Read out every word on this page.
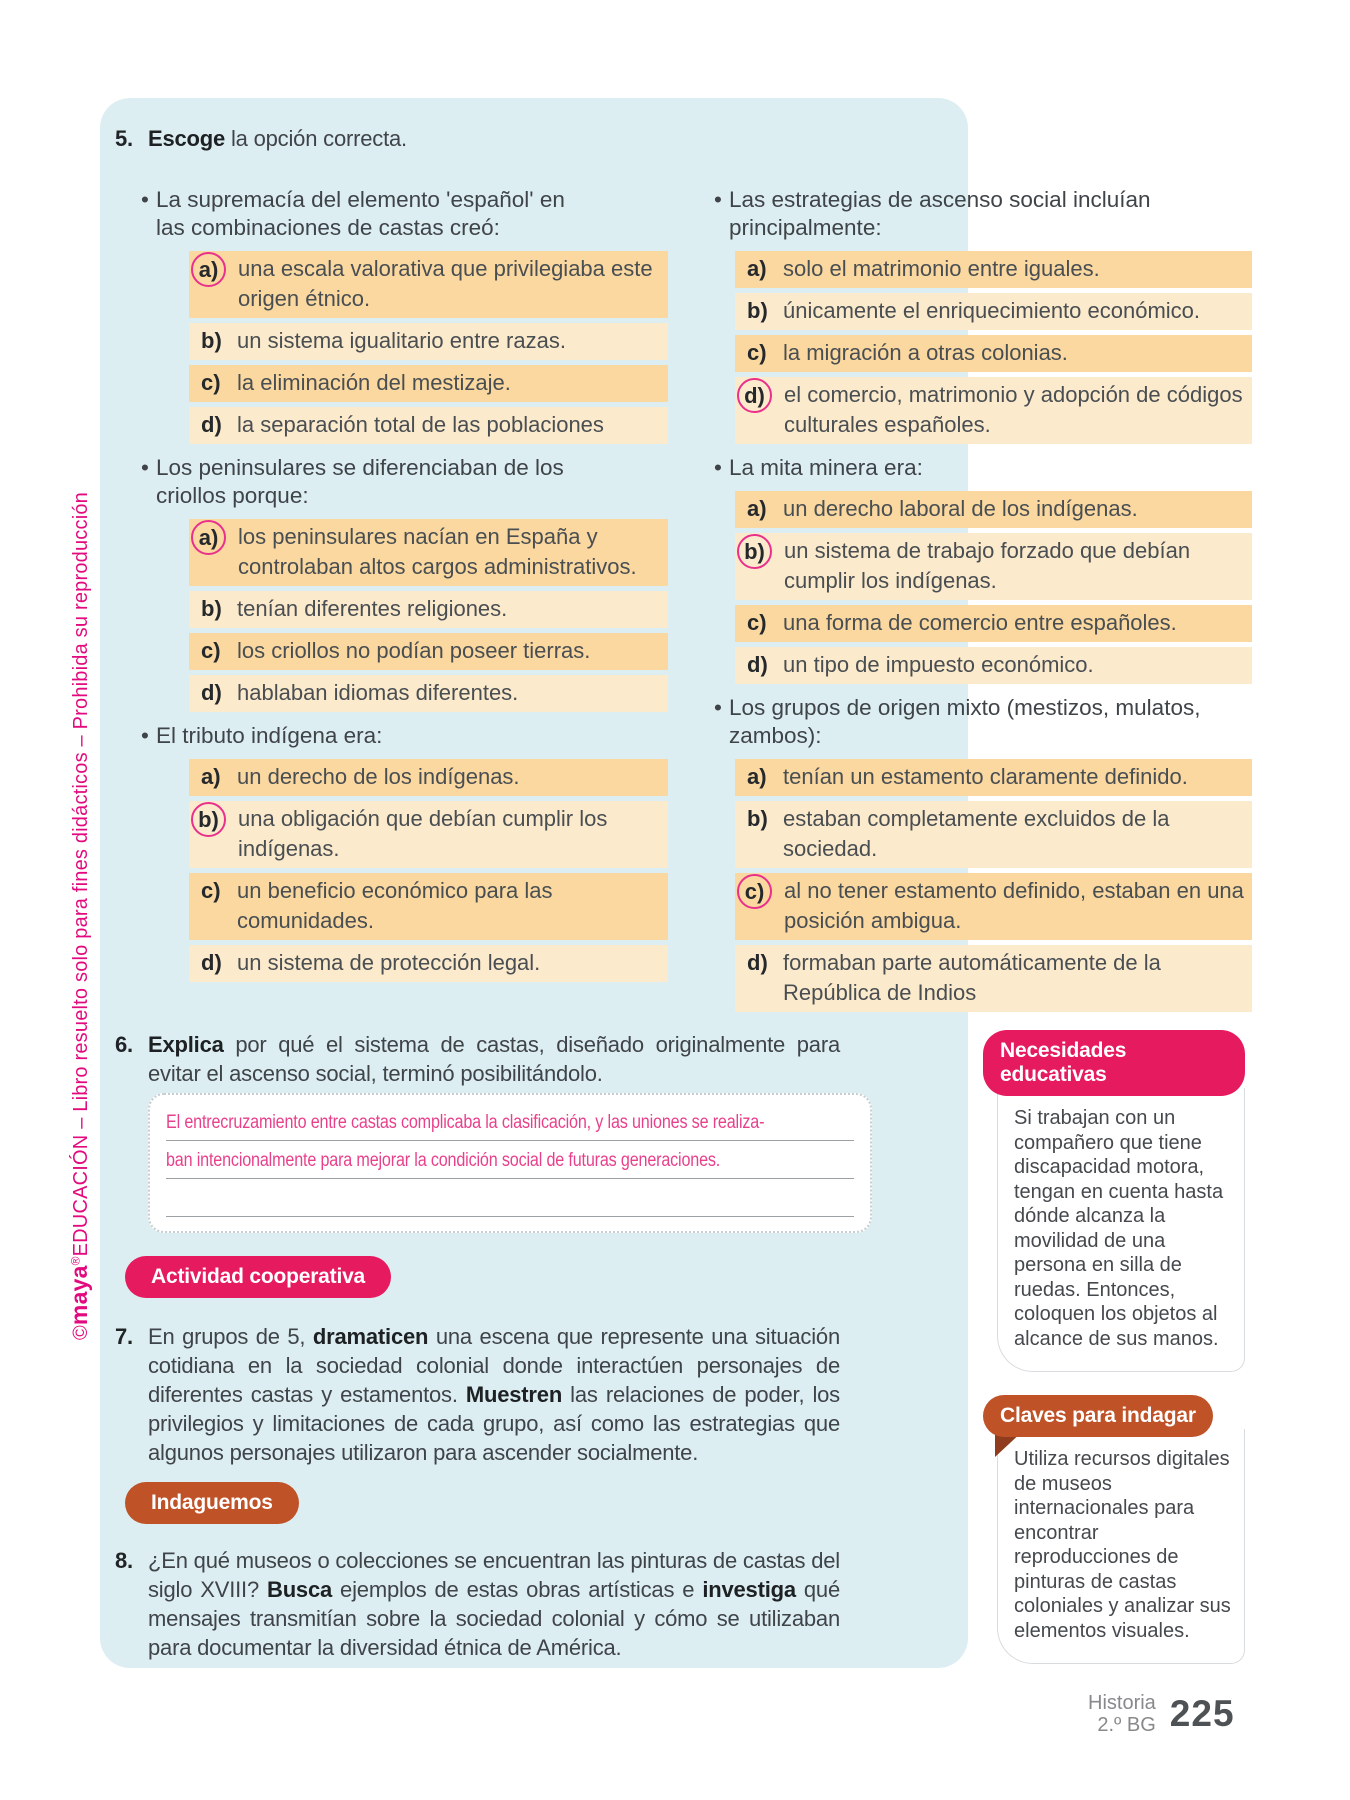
©maya®EDUCACIÓN – Libro resuelto solo para fines didácticos – Prohibida su reproducción
5. Escoge la opción correcta.
• La supremacía del elemento 'español' en las combinaciones de castas creó:
a) una escala valorativa que privilegiaba este origen étnico.
b) un sistema igualitario entre razas.
c) la eliminación del mestizaje.
d) la separación total de las poblaciones
• Los peninsulares se diferenciaban de los criollos porque:
a) los peninsulares nacían en España y controlaban altos cargos administrativos.
b) tenían diferentes religiones.
c) los criollos no podían poseer tierras.
d) hablaban idiomas diferentes.
• El tributo indígena era:
a) un derecho de los indígenas.
b) una obligación que debían cumplir los indígenas.
c) un beneficio económico para las comunidades.
d) un sistema de protección legal.
• Las estrategias de ascenso social incluían principalmente:
a) solo el matrimonio entre iguales.
b) únicamente el enriquecimiento económico.
c) la migración a otras colonias.
d) el comercio, matrimonio y adopción de códigos culturales españoles.
• La mita minera era:
a) un derecho laboral de los indígenas.
b) un sistema de trabajo forzado que debían cumplir los indígenas.
c) una forma de comercio entre españoles.
d) un tipo de impuesto económico.
• Los grupos de origen mixto (mestizos, mulatos, zambos):
a) tenían un estamento claramente definido.
b) estaban completamente excluidos de la sociedad.
c) al no tener estamento definido, estaban en una posición ambigua.
d) formaban parte automáticamente de la República de Indios
6. Explica por qué el sistema de castas, diseñado originalmente para evitar el ascenso social, terminó posibilitándolo.
El entrecruzamiento entre castas complicaba la clasificación, y las uniones se realiza-
ban intencionalmente para mejorar la condición social de futuras generaciones.
Actividad cooperativa
7. En grupos de 5, dramaticen una escena que represente una situación cotidiana en la sociedad colonial donde interactúen personajes de diferentes castas y estamentos. Muestren las relaciones de poder, los privilegios y limitaciones de cada grupo, así como las estrategias que algunos personajes utilizaron para ascender socialmente.
Indaguemos
8. ¿En qué museos o colecciones se encuentran las pinturas de castas del siglo XVIII? Busca ejemplos de estas obras artísticas e investiga qué mensajes transmitían sobre la sociedad colonial y cómo se utilizaban para documentar la diversidad étnica de América.
Necesidades educativas
Si trabajan con un compañero que tiene discapacidad motora, tengan en cuenta hasta dónde alcanza la movilidad de una persona en silla de ruedas. Entonces, coloquen los objetos al alcance de sus manos.
Claves para indagar
Utiliza recursos digitales de museos internacionales para encontrar reproducciones de pinturas de castas coloniales y analizar sus elementos visuales.
Historia
2.º BG 225
